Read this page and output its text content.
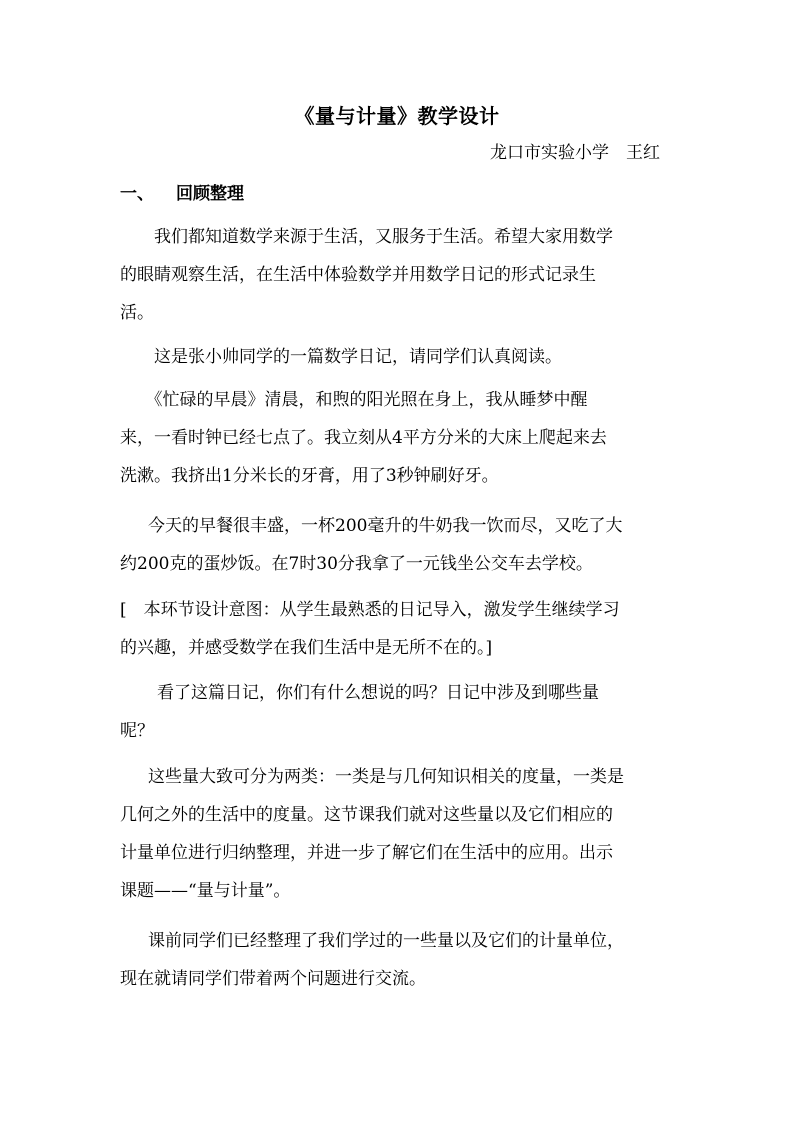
《量与计量》教学设计
龙口市实验小学　王红
一、 回顾整理
　我们都知道数学来源于生活，又服务于生活。希望大家用数学
的眼睛观察生活，在生活中体验数学并用数学日记的形式记录生
活。
　这是张小帅同学的一篇数学日记，请同学们认真阅读。
　《忙碌的早晨》清晨，和煦的阳光照在身上，我从睡梦中醒
来，一看时钟已经七点了。我立刻从4平方分米的大床上爬起来去
洗漱。我挤出1分米长的牙膏，用了3秒钟刷好牙。
今天的早餐很丰盛，一杯200毫升的牛奶我一饮而尽，又吃了大
约200克的蛋炒饭。在7时30分我拿了一元钱坐公交车去学校。
[　本环节设计意图：从学生最熟悉的日记导入，激发学生继续学习
的兴趣，并感受数学在我们生活中是无所不在的。]
　看了这篇日记，你们有什么想说的吗？日记中涉及到哪些量
呢？
这些量大致可分为两类：一类是与几何知识相关的度量，一类是
几何之外的生活中的度量。这节课我们就对这些量以及它们相应的
计量单位进行归纳整理，并进一步了解它们在生活中的应用。出示
课题——“量与计量”。
课前同学们已经整理了我们学过的一些量以及它们的计量单位，
现在就请同学们带着两个问题进行交流。
